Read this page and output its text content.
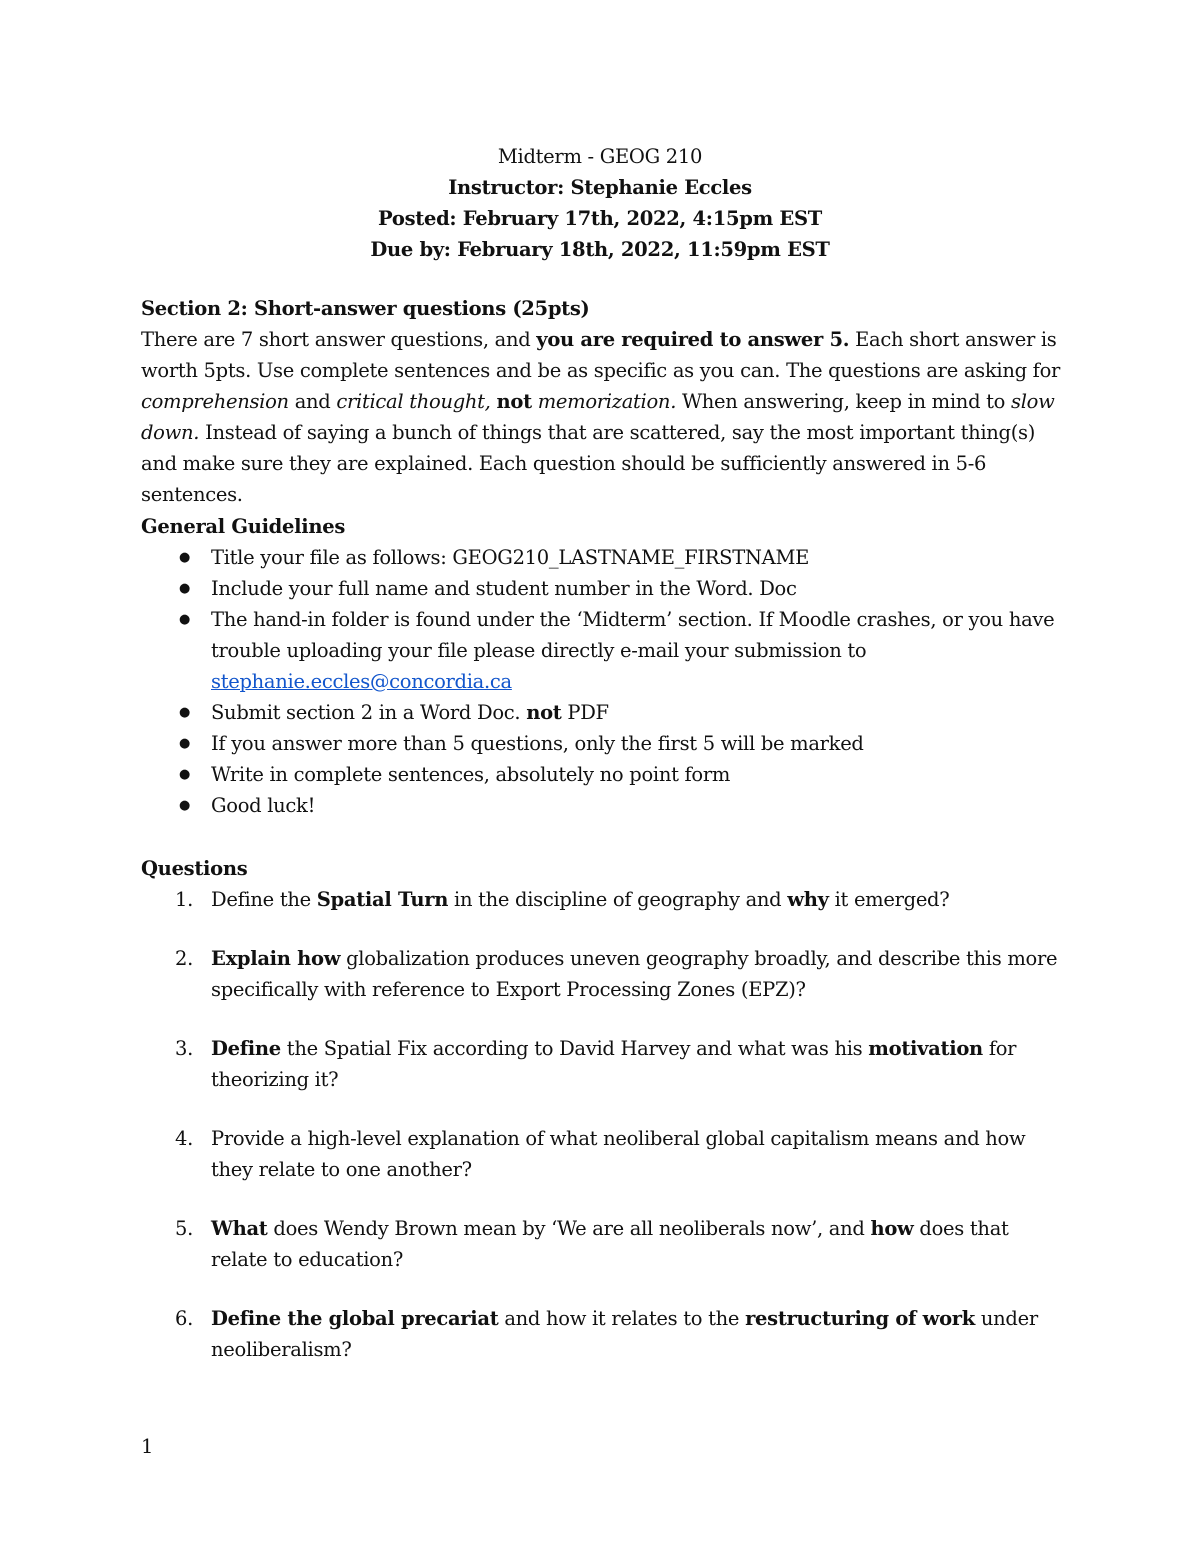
Midterm - GEOG 210
Instructor: Stephanie Eccles
Posted: February 17th, 2022, 4:15pm EST
Due by: February 18th, 2022, 11:59pm EST
Section 2: Short-answer questions (25pts)

There are 7 short answer questions, and you are required to answer 5. Each short answer is worth 5pts. Use complete sentences and be as specific as you can. The questions are asking for comprehension and critical thought, not memorization. When answering, keep in mind to slow down. Instead of saying a bunch of things that are scattered, say the most important thing(s) and make sure they are explained. Each question should be sufficiently answered in 5-6 sentences.

General Guidelines
● Title your file as follows: GEOG210_LASTNAME_FIRSTNAME
● Include your full name and student number in the Word. Doc
● The hand-in folder is found under the ‘Midterm’ section. If Moodle crashes, or you have trouble uploading your file please directly e-mail your submission to stephanie.eccles@concordia.ca
● Submit section 2 in a Word Doc. not PDF
● If you answer more than 5 questions, only the first 5 will be marked
● Write in complete sentences, absolutely no point form
● Good luck!
Questions
1. Define the Spatial Turn in the discipline of geography and why it emerged?
2. Explain how globalization produces uneven geography broadly, and describe this more specifically with reference to Export Processing Zones (EPZ)?
3. Define the Spatial Fix according to David Harvey and what was his motivation for theorizing it?
4. Provide a high-level explanation of what neoliberal global capitalism means and how they relate to one another?
5. What does Wendy Brown mean by ‘We are all neoliberals now’, and how does that relate to education?
6. Define the global precariat and how it relates to the restructuring of work under neoliberalism?
1
